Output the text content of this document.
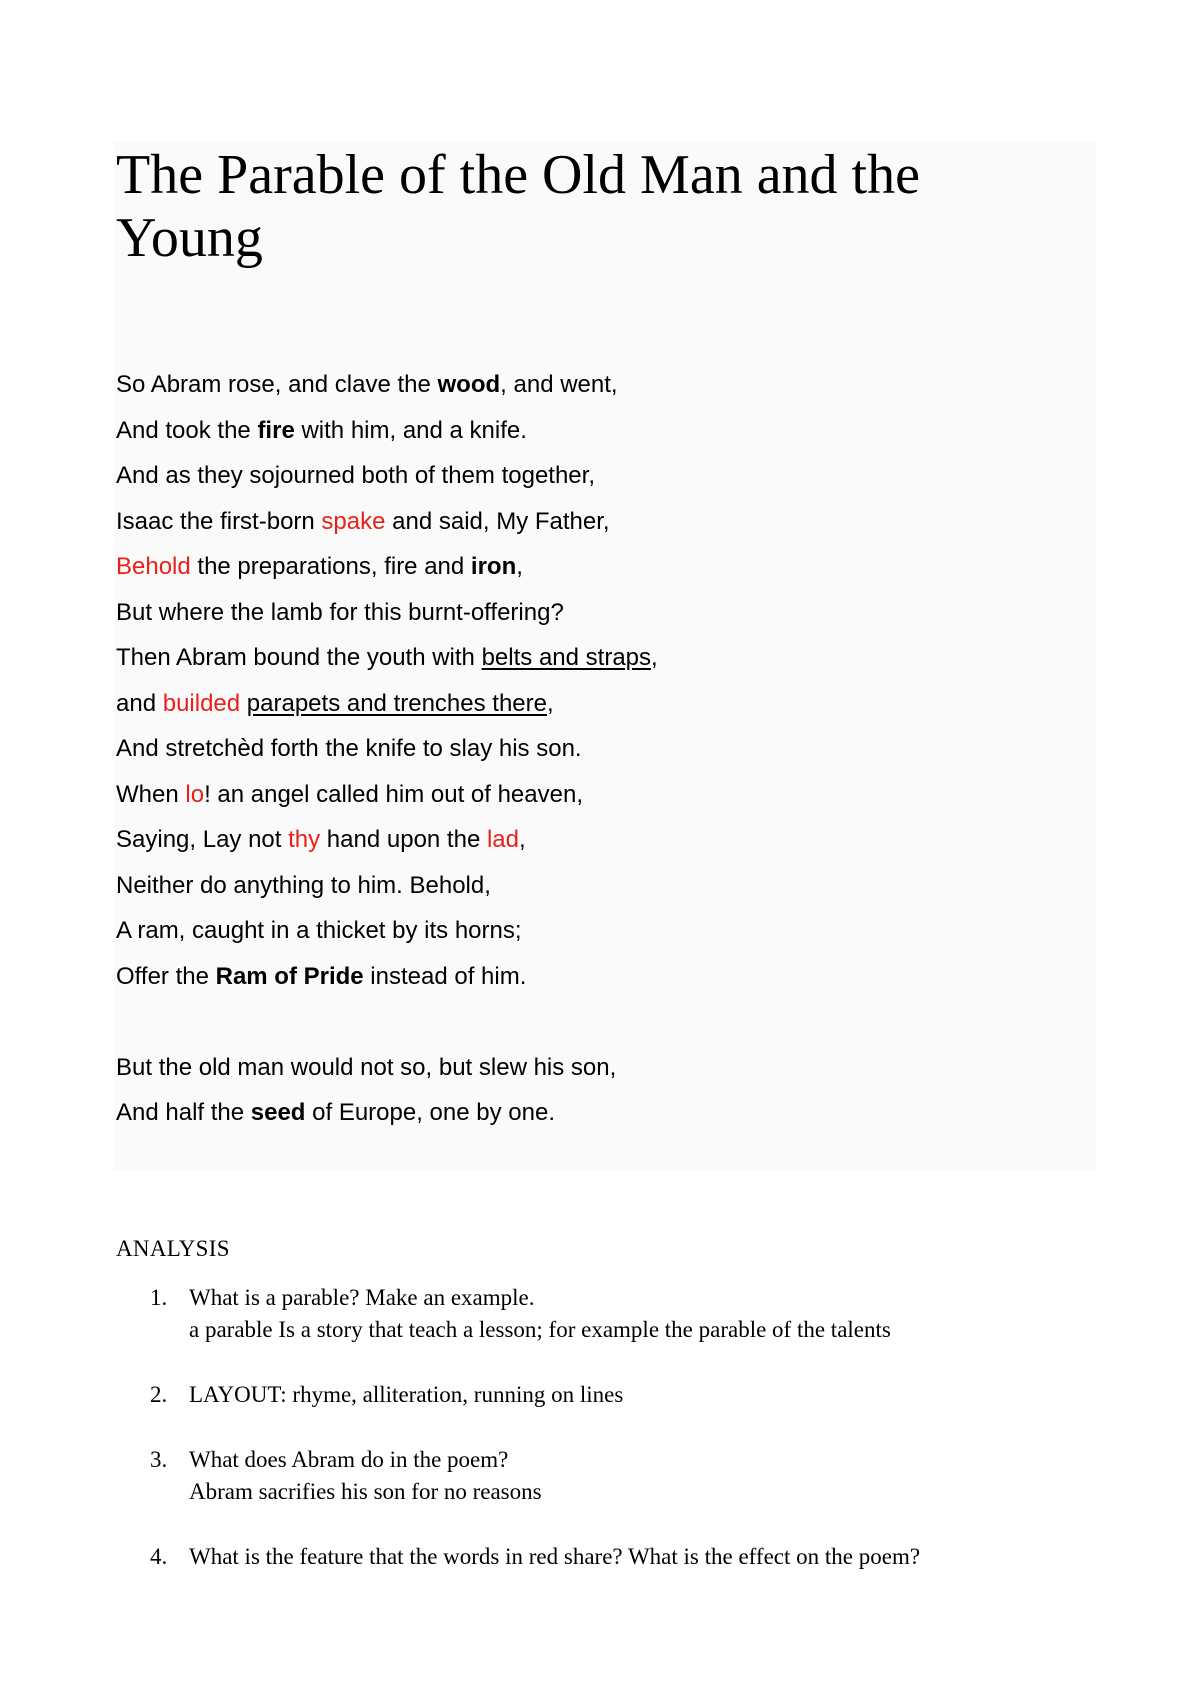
The Parable of the Old Man and the Young
So Abram rose, and clave the wood, and went,
And took the fire with him, and a knife.
And as they sojourned both of them together,
Isaac the first-born spake and said, My Father,
Behold the preparations, fire and iron,
But where the lamb for this burnt-offering?
Then Abram bound the youth with belts and straps,
and builded parapets and trenches there,
And stretchèd forth the knife to slay his son.
When lo! an angel called him out of heaven,
Saying, Lay not thy hand upon the lad,
Neither do anything to him. Behold,
A ram, caught in a thicket by its horns;
Offer the Ram of Pride instead of him.
But the old man would not so, but slew his son,
And half the seed of Europe, one by one.
ANALYSIS
1. What is a parable? Make an example.
a parable Is a story that teach a lesson; for example the parable of the talents
2. LAYOUT: rhyme, alliteration, running on lines
3. What does Abram do in the poem?
Abram sacrifies his son for no reasons
4. What is the feature that the words in red share? What is the effect on the poem?
